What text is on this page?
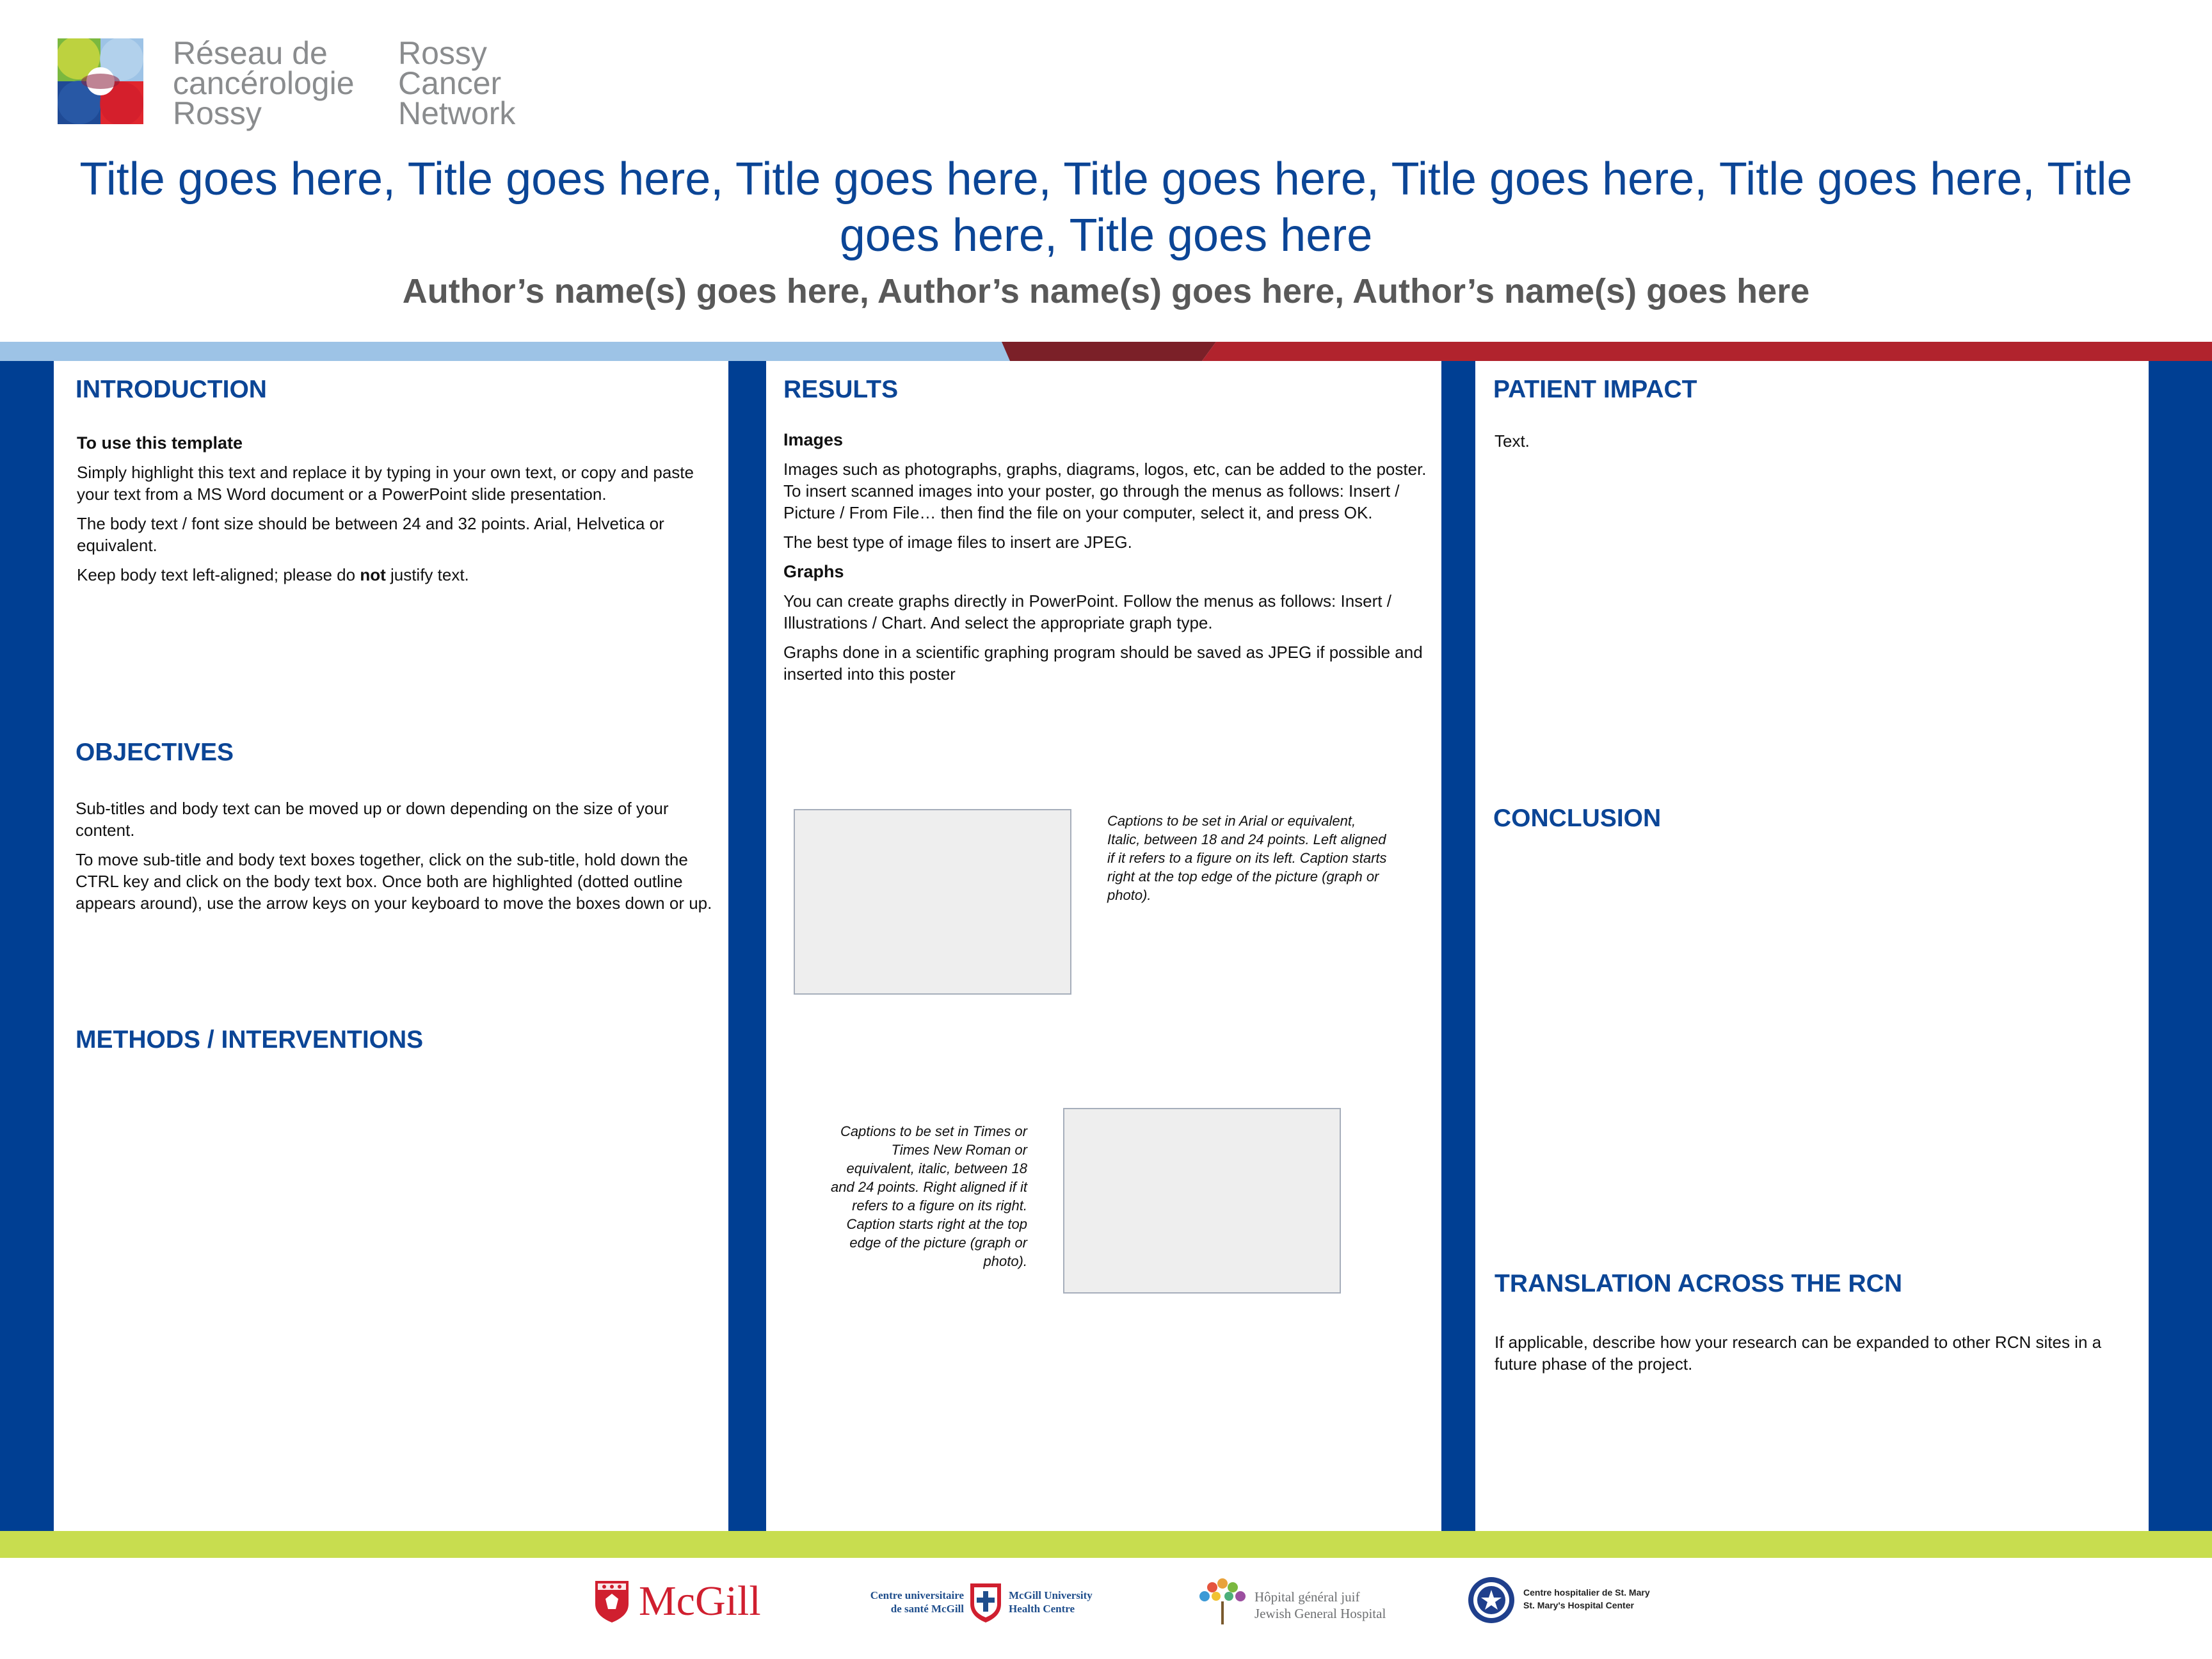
Réseau de
cancérologie
Rossy
Rossy
Cancer
Network
Title goes here, Title goes here, Title goes here, Title goes here, Title goes here, Title goes here, Title goes here, Title goes here
Author’s name(s) goes here, Author’s name(s) goes here, Author’s name(s) goes here
INTRODUCTION

To use this template

Simply highlight this text and replace it by typing in your own text, or copy and paste your text from a MS Word document or a PowerPoint slide presentation.

The body text / font size should be between 24 and 32 points. Arial, Helvetica or equivalent.

Keep body text left-aligned; please do not justify text.

OBJECTIVES

Sub-titles and body text can be moved up or down depending on the size of your content.

To move sub-title and body text boxes together, click on the sub-title, hold down the CTRL key and click on the body text box. Once both are highlighted (dotted outline appears around), use the arrow keys on your keyboard to move the boxes down or up.

METHODS / INTERVENTIONS
RESULTS

Images

Images such as photographs, graphs, diagrams, logos, etc, can be added to the poster. To insert scanned images into your poster, go through the menus as follows: Insert / Picture / From File… then find the file on your computer, select it, and press OK.

The best type of image files to insert are JPEG.

Graphs

You can create graphs directly in PowerPoint. Follow the menus as follows: Insert / Illustrations / Chart. And select the appropriate graph type.

Graphs done in a scientific graphing program should be saved as JPEG if possible and inserted into this poster

Captions to be set in Arial or equivalent, Italic, between 18 and 24 points. Left aligned if it refers to a figure on its left. Caption starts right at the top edge of the picture (graph or photo).
Captions to be set in Times or Times New Roman or equivalent, italic, between 18 and 24 points. Right aligned if it refers to a figure on its right. Caption starts right at the top edge of the picture (graph or photo).
PATIENT IMPACT
Text.
CONCLUSION
TRANSLATION ACROSS THE RCN
If applicable, describe how your research can be expanded to other RCN sites in a future phase of the project.
McGill	Centre universitaire
de santé McGill
McGill University
Health Centre
Hôpital général juif
Jewish General Hospital
Centre hospitalier de St. Mary
St. Mary's Hospital Center
